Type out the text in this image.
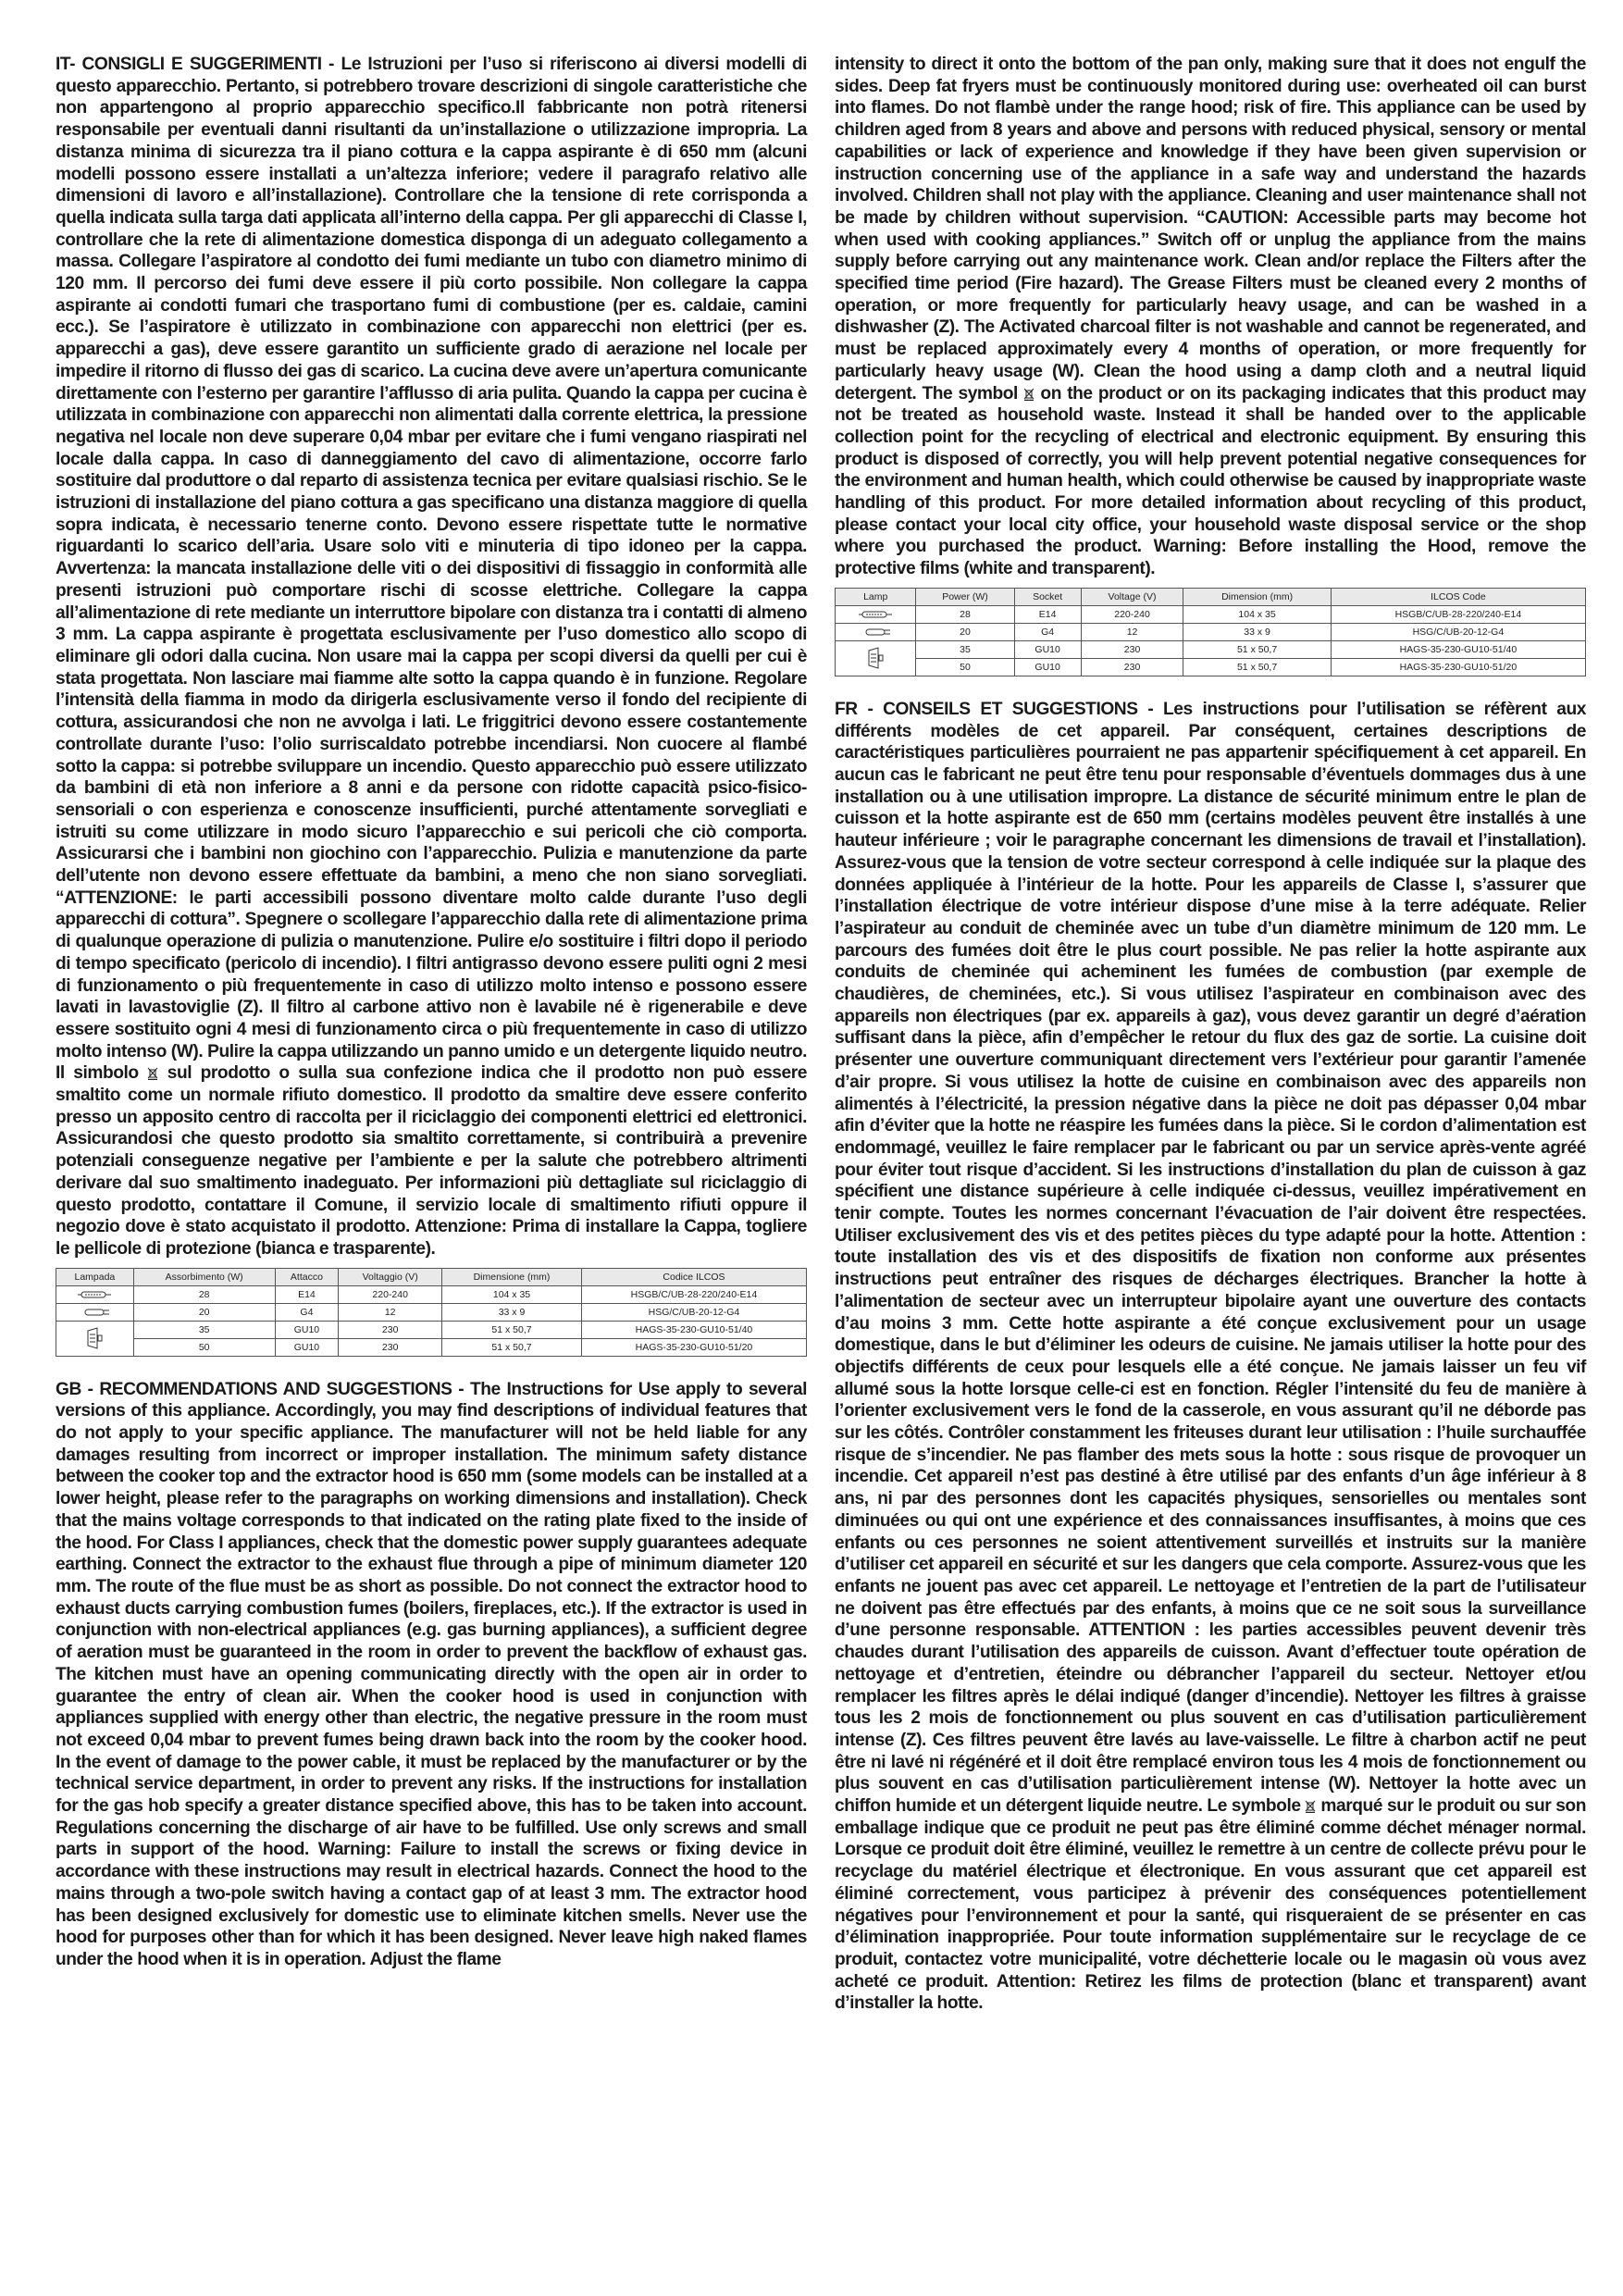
IT- CONSIGLI E SUGGERIMENTI - Le Istruzioni per l’uso si riferiscono ai diversi modelli di questo apparecchio. Pertanto, si potrebbero trovare descrizioni di singole caratteristiche che non appartengono al proprio apparecchio specifico.Il fabbricante non potrà ritenersi responsabile per eventuali danni risultanti da un’installazione o utilizzazione impropria. La distanza minima di sicurezza tra il piano cottura e la cappa aspirante è di 650 mm (alcuni modelli possono essere installati a un’altezza inferiore; vedere il paragrafo relativo alle dimensioni di lavoro e all’installazione). Controllare che la tensione di rete corrisponda a quella indicata sulla targa dati applicata all’interno della cappa. Per gli apparecchi di Classe I, controllare che la rete di alimentazione domestica disponga di un adeguato collegamento a massa. Collegare l’aspiratore al condotto dei fumi mediante un tubo con diametro minimo di 120 mm. Il percorso dei fumi deve essere il più corto possibile. Non collegare la cappa aspirante ai condotti fumari che trasportano fumi di combustione (per es. caldaie, camini ecc.). Se l’aspiratore è utilizzato in combinazione con apparecchi non elettrici (per es. apparecchi a gas), deve essere garantito un sufficiente grado di aerazione nel locale per impedire il ritorno di flusso dei gas di scarico. La cucina deve avere un’apertura comunicante direttamente con l’esterno per garantire l’afflusso di aria pulita. Quando la cappa per cucina è utilizzata in combinazione con apparecchi non alimentati dalla corrente elettrica, la pressione negativa nel locale non deve superare 0,04 mbar per evitare che i fumi vengano riaspirati nel locale dalla cappa. In caso di danneggiamento del cavo di alimentazione, occorre farlo sostituire dal produttore o dal reparto di assistenza tecnica per evitare qualsiasi rischio. Se le istruzioni di installazione del piano cottura a gas specificano una distanza maggiore di quella sopra indicata, è necessario tenerne conto. Devono essere rispettate tutte le normative riguardanti lo scarico dell’aria. Usare solo viti e minuteria di tipo idoneo per la cappa. Avvertenza: la mancata installazione delle viti o dei dispositivi di fissaggio in conformità alle presenti istruzioni può comportare rischi di scosse elettriche. Collegare la cappa all’alimentazione di rete mediante un interruttore bipolare con distanza tra i contatti di almeno 3 mm. La cappa aspirante è progettata esclusivamente per l’uso domestico allo scopo di eliminare gli odori dalla cucina. Non usare mai la cappa per scopi diversi da quelli per cui è stata progettata. Non lasciare mai fiamme alte sotto la cappa quando è in funzione. Regolare l’intensità della fiamma in modo da dirigerla esclusivamente verso il fondo del recipiente di cottura, assicurandosi che non ne avvolga i lati. Le friggitrici devono essere costantemente controllate durante l’uso: l’olio surriscaldato potrebbe incendiarsi. Non cuocere al flambé sotto la cappa: si potrebbe sviluppare un incendio. Questo apparecchio può essere utilizzato da bambini di età non inferiore a 8 anni e da persone con ridotte capacità psico-fisico-sensoriali o con esperienza e conoscenze insufficienti, purché attentamente sorvegliati e istruiti su come utilizzare in modo sicuro l’apparecchio e sui pericoli che ciò comporta. Assicurarsi che i bambini non giochino con l’apparecchio. Pulizia e manutenzione da parte dell’utente non devono essere effettuate da bambini, a meno che non siano sorvegliati. “ATTENZIONE: le parti accessibili possono diventare molto calde durante l’uso degli apparecchi di cottura”. Spegnere o scollegare l’apparecchio dalla rete di alimentazione prima di qualunque operazione di pulizia o manutenzione. Pulire e/o sostituire i filtri dopo il periodo di tempo specificato (pericolo di incendio). I filtri antigrasso devono essere puliti ogni 2 mesi di funzionamento o più frequentemente in caso di utilizzo molto intenso e possono essere lavati in lavastoviglie (Z). Il filtro al carbone attivo non è lavabile né è rigenerabile e deve essere sostituito ogni 4 mesi di funzionamento circa o più frequentemente in caso di utilizzo molto intenso (W). Pulire la cappa utilizzando un panno umido e un detergente liquido neutro. Il simbolo sul prodotto o sulla sua confezione indica che il prodotto non può essere smaltito come un normale rifiuto domestico. Il prodotto da smaltire deve essere conferito presso un apposito centro di raccolta per il riciclaggio dei componenti elettrici ed elettronici. Assicurandosi che questo prodotto sia smaltito correttamente, si contribuirà a prevenire potenziali conseguenze negative per l’ambiente e per la salute che potrebbero altrimenti derivare dal suo smaltimento inadeguato. Per informazioni più dettagliate sul riciclaggio di questo prodotto, contattare il Comune, il servizio locale di smaltimento rifiuti oppure il negozio dove è stato acquistato il prodotto. Attenzione: Prima di installare la Cappa, togliere le pellicole di protezione (bianca e trasparente).

Lampada	Assorbimento (W)	Attacco	Voltaggio (V)	Dimensione (mm)	Codice ILCOS
	28	E14	220-240	104 x 35	HSGB/C/UB-28-220/240-E14
	20	G4	12	33 x 9	HSG/C/UB-20-12-G4
	35	GU10	230	51 x 50,7	HAGS-35-230-GU10-51/40
	50	GU10	230	51 x 50,7	HAGS-35-230-GU10-51/20

GB - RECOMMENDATIONS AND SUGGESTIONS - The Instructions for Use apply to several versions of this appliance. Accordingly, you may find descriptions of individual features that do not apply to your specific appliance. The manufacturer will not be held liable for any damages resulting from incorrect or improper installation. The minimum safety distance between the cooker top and the extractor hood is 650 mm (some models can be installed at a lower height, please refer to the paragraphs on working dimensions and installation). Check that the mains voltage corresponds to that indicated on the rating plate fixed to the inside of the hood. For Class I appliances, check that the domestic power supply guarantees adequate earthing. Connect the extractor to the exhaust flue through a pipe of minimum diameter 120 mm. The route of the flue must be as short as possible. Do not connect the extractor hood to exhaust ducts carrying combustion fumes (boilers, fireplaces, etc.). If the extractor is used in conjunction with non-electrical appliances (e.g. gas burning appliances), a sufficient degree of aeration must be guaranteed in the room in order to prevent the backflow of exhaust gas. The kitchen must have an opening communicating directly with the open air in order to guarantee the entry of clean air. When the cooker hood is used in conjunction with appliances supplied with energy other than electric, the negative pressure in the room must not exceed 0,04 mbar to prevent fumes being drawn back into the room by the cooker hood. In the event of damage to the power cable, it must be replaced by the manufacturer or by the technical service department, in order to prevent any risks. If the instructions for installation for the gas hob specify a greater distance specified above, this has to be taken into account. Regulations concerning the discharge of air have to be fulfilled. Use only screws and small parts in support of the hood. Warning: Failure to install the screws or fixing device in accordance with these instructions may result in electrical hazards. Connect the hood to the mains through a two-pole switch having a contact gap of at least 3 mm. The extractor hood has been designed exclusively for domestic use to eliminate kitchen smells. Never use the hood for purposes other than for which it has been designed. Never leave high naked flames under the hood when it is in operation. Adjust the flame

intensity to direct it onto the bottom of the pan only, making sure that it does not engulf the sides. Deep fat fryers must be continuously monitored during use: overheated oil can burst into flames. Do not flambè under the range hood; risk of fire. This appliance can be used by children aged from 8 years and above and persons with reduced physical, sensory or mental capabilities or lack of experience and knowledge if they have been given supervision or instruction concerning use of the appliance in a safe way and understand the hazards involved. Children shall not play with the appliance. Cleaning and user maintenance shall not be made by children without supervision. “CAUTION: Accessible parts may become hot when used with cooking appliances.” Switch off or unplug the appliance from the mains supply before carrying out any maintenance work. Clean and/or replace the Filters after the specified time period (Fire hazard). The Grease Filters must be cleaned every 2 months of operation, or more frequently for particularly heavy usage, and can be washed in a dishwasher (Z). The Activated charcoal filter is not washable and cannot be regenerated, and must be replaced approximately every 4 months of operation, or more frequently for particularly heavy usage (W). Clean the hood using a damp cloth and a neutral liquid detergent. The symbol on the product or on its packaging indicates that this product may not be treated as household waste. Instead it shall be handed over to the applicable collection point for the recycling of electrical and electronic equipment. By ensuring this product is disposed of correctly, you will help prevent potential negative consequences for the environment and human health, which could otherwise be caused by inappropriate waste handling of this product. For more detailed information about recycling of this product, please contact your local city office, your household waste disposal service or the shop where you purchased the product. Warning: Before installing the Hood, remove the protective films (white and transparent).

Lamp	Power (W)	Socket	Voltage (V)	Dimension (mm)	ILCOS Code
	28	E14	220-240	104 x 35	HSGB/C/UB-28-220/240-E14
	20	G4	12	33 x 9	HSG/C/UB-20-12-G4
	35	GU10	230	51 x 50,7	HAGS-35-230-GU10-51/40
	50	GU10	230	51 x 50,7	HAGS-35-230-GU10-51/20

FR - CONSEILS ET SUGGESTIONS - Les instructions pour l’utilisation se réfèrent aux différents modèles de cet appareil. Par conséquent, certaines descriptions de caractéristiques particulières pourraient ne pas appartenir spécifiquement à cet appareil. En aucun cas le fabricant ne peut être tenu pour responsable d’éventuels dommages dus à une installation ou à une utilisation impropre. La distance de sécurité minimum entre le plan de cuisson et la hotte aspirante est de 650 mm (certains modèles peuvent être installés à une hauteur inférieure ; voir le paragraphe concernant les dimensions de travail et l’installation). Assurez-vous que la tension de votre secteur correspond à celle indiquée sur la plaque des données appliquée à l’intérieur de la hotte. Pour les appareils de Classe I, s’assurer que l’installation électrique de votre intérieur dispose d’une mise à la terre adéquate. Relier l’aspirateur au conduit de cheminée avec un tube d’un diamètre minimum de 120 mm. Le parcours des fumées doit être le plus court possible. Ne pas relier la hotte aspirante aux conduits de cheminée qui acheminent les fumées de combustion (par exemple de chaudières, de cheminées, etc.). Si vous utilisez l’aspirateur en combinaison avec des appareils non électriques (par ex. appareils à gaz), vous devez garantir un degré d’aération suffisant dans la pièce, afin d’empêcher le retour du flux des gaz de sortie. La cuisine doit présenter une ouverture communiquant directement vers l’extérieur pour garantir l’amenée d’air propre. Si vous utilisez la hotte de cuisine en combinaison avec des appareils non alimentés à l’électricité, la pression négative dans la pièce ne doit pas dépasser 0,04 mbar afin d’éviter que la hotte ne réaspire les fumées dans la pièce. Si le cordon d’alimentation est endommagé, veuillez le faire remplacer par le fabricant ou par un service après-vente agréé pour éviter tout risque d’accident. Si les instructions d’installation du plan de cuisson à gaz spécifient une distance supérieure à celle indiquée ci-dessus, veuillez impérativement en tenir compte. Toutes les normes concernant l’évacuation de l’air doivent être respectées. Utiliser exclusivement des vis et des petites pièces du type adapté pour la hotte. Attention : toute installation des vis et des dispositifs de fixation non conforme aux présentes instructions peut entraîner des risques de décharges électriques. Brancher la hotte à l’alimentation de secteur avec un interrupteur bipolaire ayant une ouverture des contacts d’au moins 3 mm. Cette hotte aspirante a été conçue exclusivement pour un usage domestique, dans le but d’éliminer les odeurs de cuisine. Ne jamais utiliser la hotte pour des objectifs différents de ceux pour lesquels elle a été conçue. Ne jamais laisser un feu vif allumé sous la hotte lorsque celle-ci est en fonction. Régler l’intensité du feu de manière à l’orienter exclusivement vers le fond de la casserole, en vous assurant qu’il ne déborde pas sur les côtés. Contrôler constamment les friteuses durant leur utilisation : l’huile surchauffée risque de s’incendier. Ne pas flamber des mets sous la hotte : sous risque de provoquer un incendie. Cet appareil n’est pas destiné à être utilisé par des enfants d’un âge inférieur à 8 ans, ni par des personnes dont les capacités physiques, sensorielles ou mentales sont diminuées ou qui ont une expérience et des connaissances insuffisantes, à moins que ces enfants ou ces personnes ne soient attentivement surveillés et instruits sur la manière d’utiliser cet appareil en sécurité et sur les dangers que cela comporte. Assurez-vous que les enfants ne jouent pas avec cet appareil. Le nettoyage et l’entretien de la part de l’utilisateur ne doivent pas être effectués par des enfants, à moins que ce ne soit sous la surveillance d’une personne responsable. ATTENTION : les parties accessibles peuvent devenir très chaudes durant l’utilisation des appareils de cuisson. Avant d’effectuer toute opération de nettoyage et d’entretien, éteindre ou débrancher l’appareil du secteur. Nettoyer et/ou remplacer les filtres après le délai indiqué (danger d’incendie). Nettoyer les filtres à graisse tous les 2 mois de fonctionnement ou plus souvent en cas d’utilisation particulièrement intense (Z). Ces filtres peuvent être lavés au lave-vaisselle. Le filtre à charbon actif ne peut être ni lavé ni régénéré et il doit être remplacé environ tous les 4 mois de fonctionnement ou plus souvent en cas d’utilisation particulièrement intense (W). Nettoyer la hotte avec un chiffon humide et un détergent liquide neutre. Le symbole marqué sur le produit ou sur son emballage indique que ce produit ne peut pas être éliminé comme déchet ménager normal. Lorsque ce produit doit être éliminé, veuillez le remettre à un centre de collecte prévu pour le recyclage du matériel électrique et électronique. En vous assurant que cet appareil est éliminé correctement, vous participez à prévenir des conséquences potentiellement négatives pour l’environnement et pour la santé, qui risqueraient de se présenter en cas d’élimination inappropriée. Pour toute information supplémentaire sur le recyclage de ce produit, contactez votre municipalité, votre déchetterie locale ou le magasin où vous avez acheté ce produit. Attention: Retirez les films de protection (blanc et transparent) avant d’installer la hotte.
